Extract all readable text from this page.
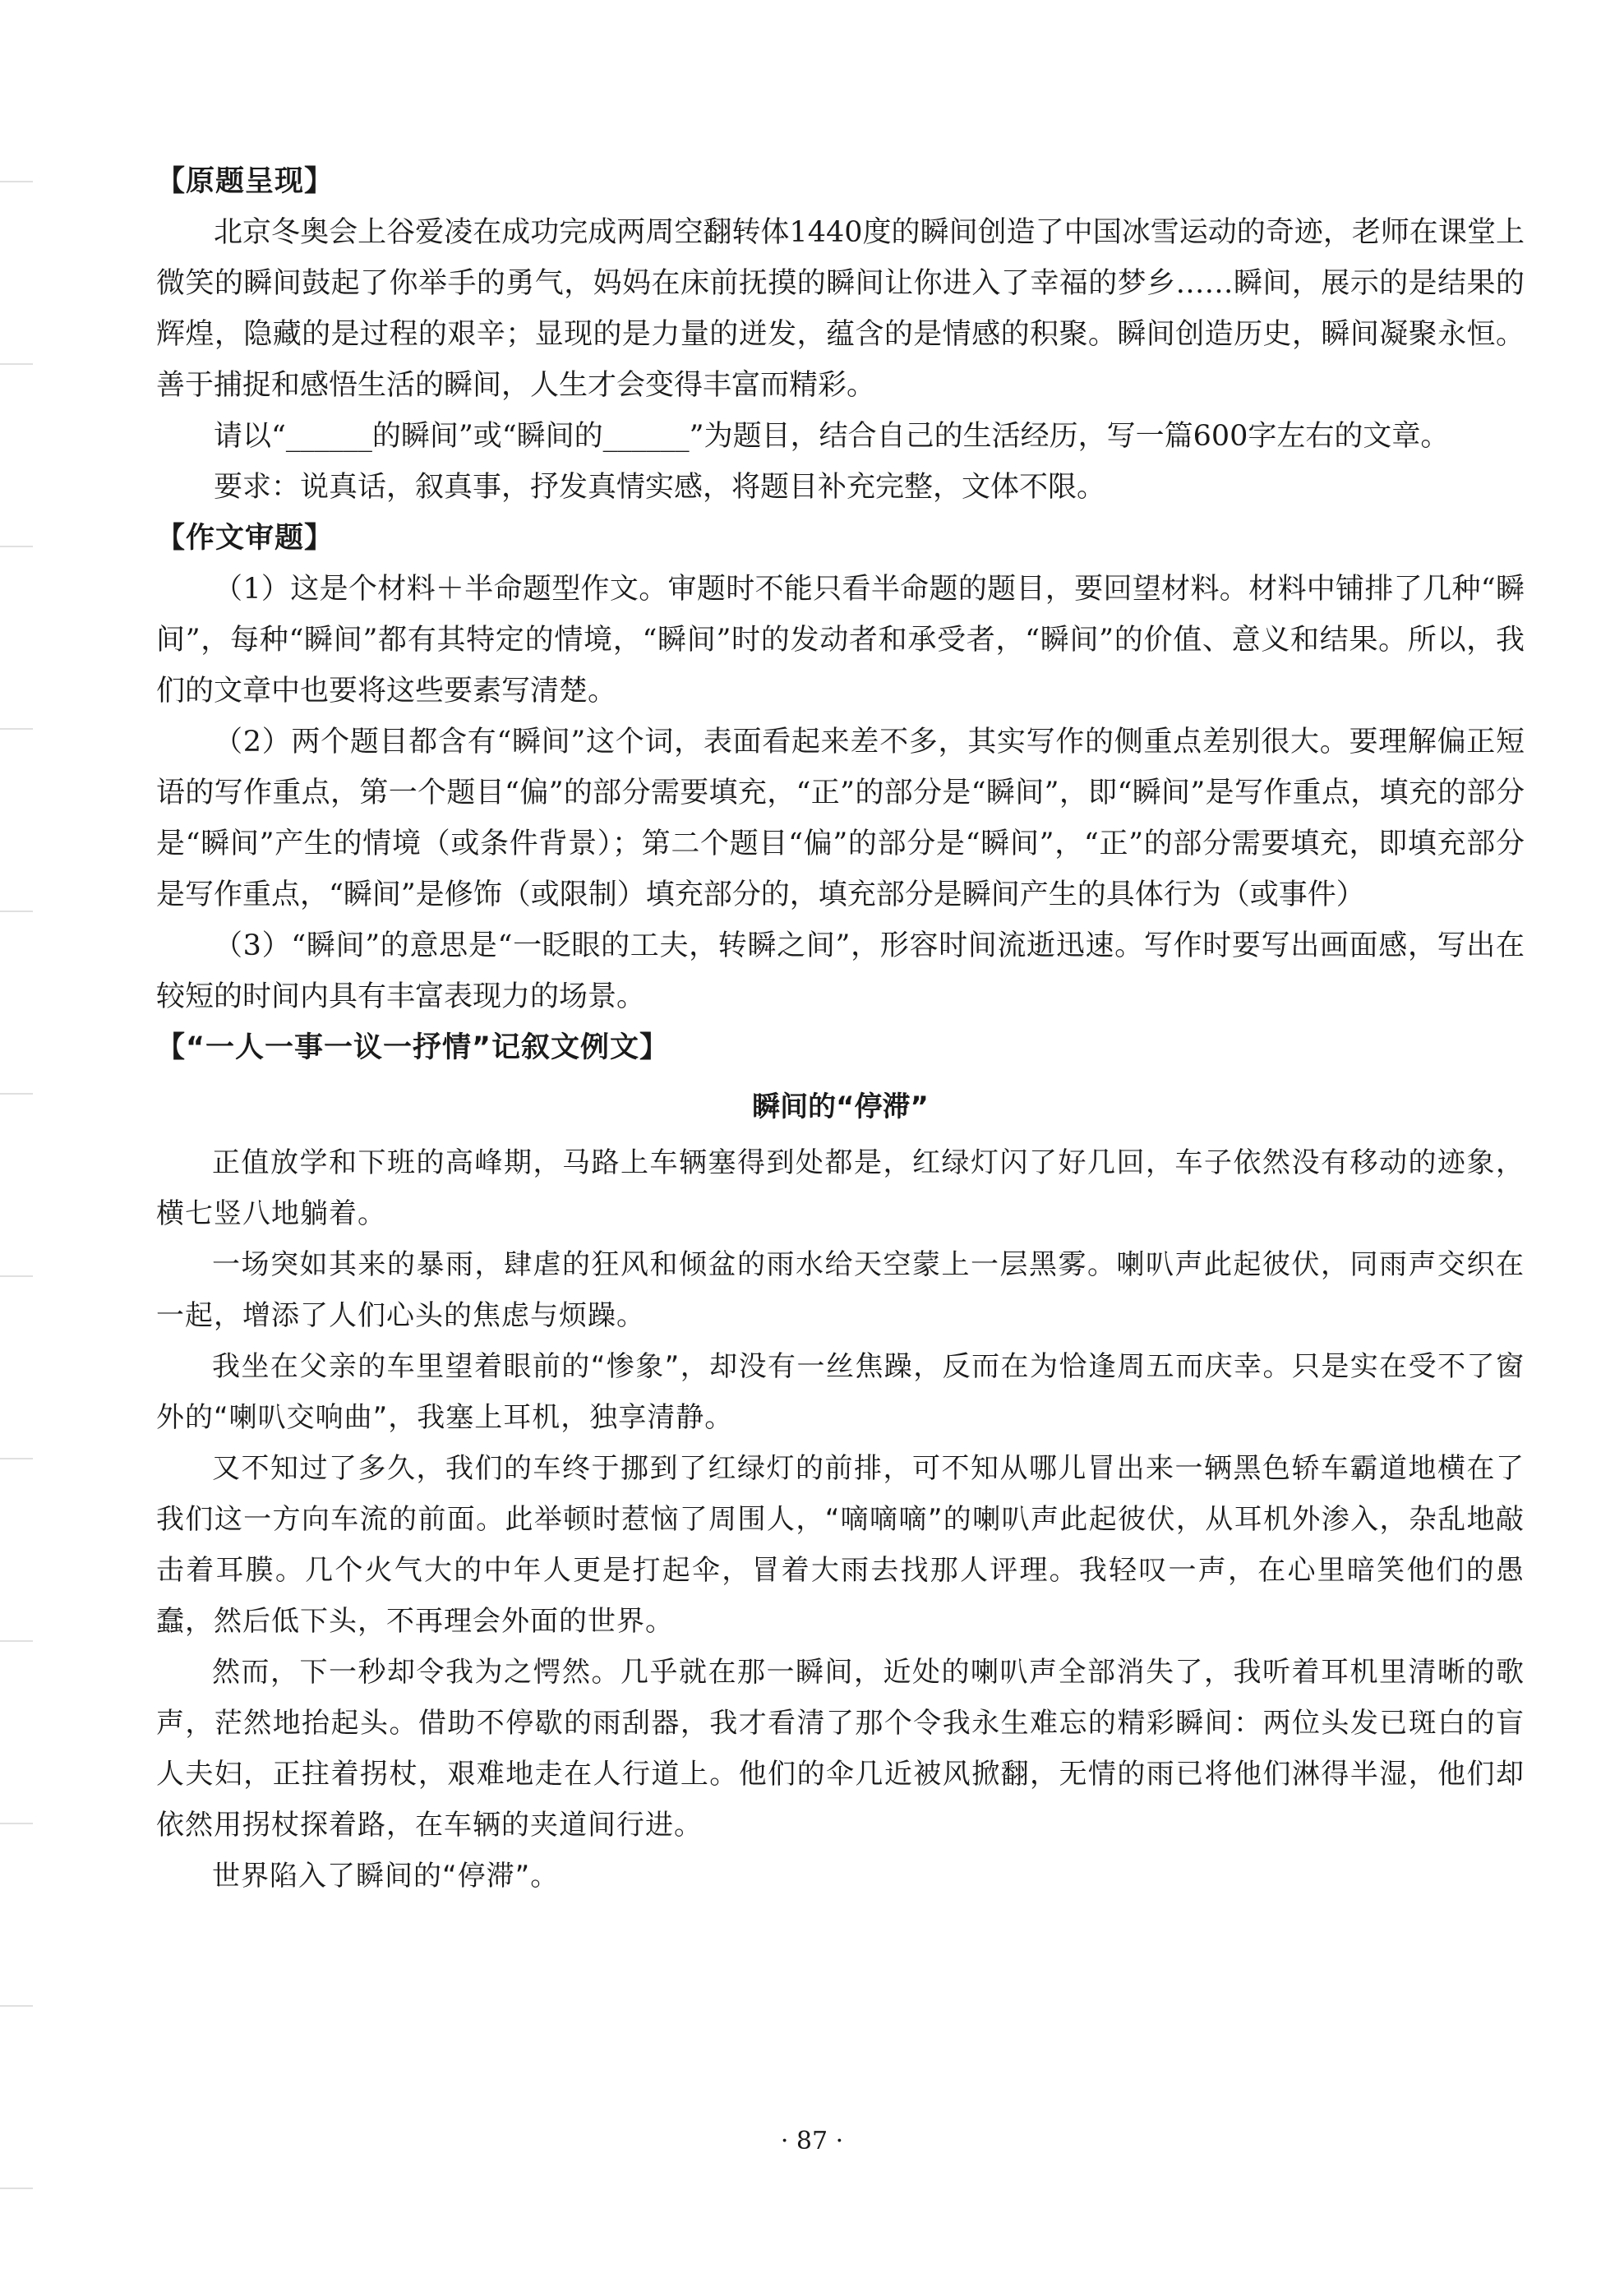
【原题呈现】

北京冬奥会上谷爱凌在成功完成两周空翻转体1440度的瞬间创造了中国冰雪运动的奇迹，老师在课堂上微笑的瞬间鼓起了你举手的勇气，妈妈在床前抚摸的瞬间让你进入了幸福的梦乡……瞬间，展示的是结果的辉煌，隐藏的是过程的艰辛；显现的是力量的迸发，蕴含的是情感的积聚。瞬间创造历史，瞬间凝聚永恒。善于捕捉和感悟生活的瞬间，人生才会变得丰富而精彩。

请以“______的瞬间”或“瞬间的______”为题目，结合自己的生活经历，写一篇600字左右的文章。

要求：说真话，叙真事，抒发真情实感，将题目补充完整，文体不限。

【作文审题】

（1）这是个材料＋半命题型作文。审题时不能只看半命题的题目，要回望材料。材料中铺排了几种“瞬间”，每种“瞬间”都有其特定的情境，“瞬间”时的发动者和承受者，“瞬间”的价值、意义和结果。所以，我们的文章中也要将这些要素写清楚。

（2）两个题目都含有“瞬间”这个词，表面看起来差不多，其实写作的侧重点差别很大。要理解偏正短语的写作重点，第一个题目“偏”的部分需要填充，“正”的部分是“瞬间”，即“瞬间”是写作重点，填充的部分是“瞬间”产生的情境（或条件背景）；第二个题目“偏”的部分是“瞬间”，“正”的部分需要填充，即填充部分是写作重点，“瞬间”是修饰（或限制）填充部分的，填充部分是瞬间产生的具体行为（或事件）

（3）“瞬间”的意思是“一眨眼的工夫，转瞬之间”，形容时间流逝迅速。写作时要写出画面感，写出在较短的时间内具有丰富表现力的场景。

【“一人一事一议一抒情”记叙文例文】
瞬间的“停滞”

正值放学和下班的高峰期，马路上车辆塞得到处都是，红绿灯闪了好几回，车子依然没有移动的迹象，横七竖八地躺着。

一场突如其来的暴雨，肆虐的狂风和倾盆的雨水给天空蒙上一层黑雾。喇叭声此起彼伏，同雨声交织在一起，增添了人们心头的焦虑与烦躁。

我坐在父亲的车里望着眼前的“惨象”，却没有一丝焦躁，反而在为恰逢周五而庆幸。只是实在受不了窗外的“喇叭交响曲”，我塞上耳机，独享清静。

又不知过了多久，我们的车终于挪到了红绿灯的前排，可不知从哪儿冒出来一辆黑色轿车霸道地横在了我们这一方向车流的前面。此举顿时惹恼了周围人，“嘀嘀嘀”的喇叭声此起彼伏，从耳机外渗入，杂乱地敲击着耳膜。几个火气大的中年人更是打起伞，冒着大雨去找那人评理。我轻叹一声，在心里暗笑他们的愚蠢，然后低下头，不再理会外面的世界。

然而，下一秒却令我为之愕然。几乎就在那一瞬间，近处的喇叭声全部消失了，我听着耳机里清晰的歌声，茫然地抬起头。借助不停歇的雨刮器，我才看清了那个令我永生难忘的精彩瞬间：两位头发已斑白的盲人夫妇，正拄着拐杖，艰难地走在人行道上。他们的伞几近被风掀翻，无情的雨已将他们淋得半湿，他们却依然用拐杖探着路，在车辆的夹道间行进。

世界陷入了瞬间的“停滞”。

· 87 ·
